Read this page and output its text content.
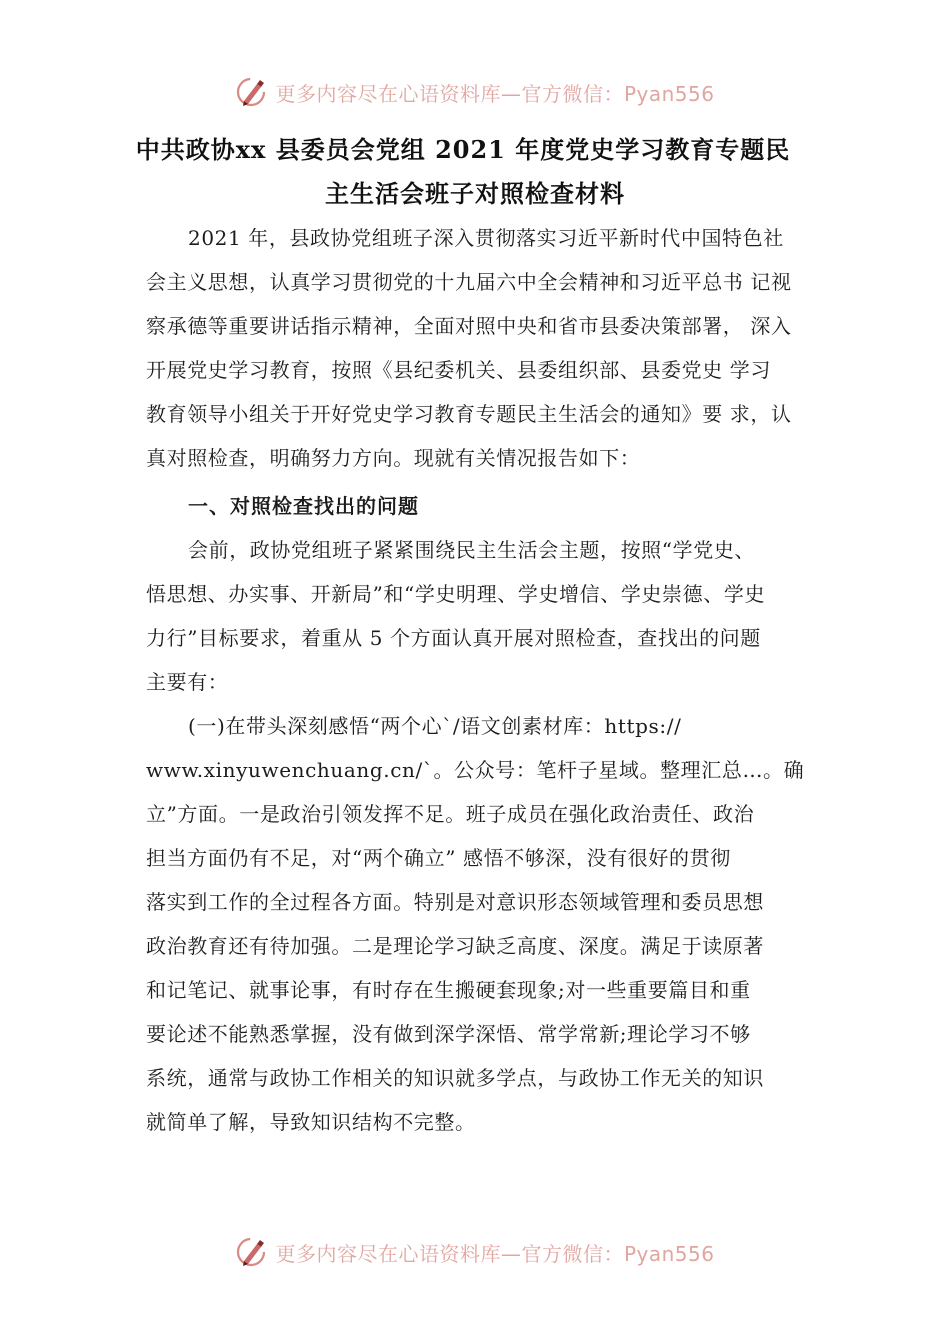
更多内容尽在心语资料库—官方微信：Pyan556
中共政协xx 县委员会党组 2021 年度党史学习教育专题民
主生活会班子对照检查材料
2021 年，县政协党组班子深入贯彻落实习近平新时代中国特色社
会主义思想，认真学习贯彻党的十九届六中全会精神和习近平总书 记视
察承德等重要讲话指示精神，全面对照中央和省市县委决策部署， 深入
开展党史学习教育，按照《县纪委机关、县委组织部、县委党史 学习
教育领导小组关于开好党史学习教育专题民主生活会的通知》要 求，认
真对照检查，明确努力方向。现就有关情况报告如下：
一、对照检查找出的问题
会前，政协党组班子紧紧围绕民主生活会主题，按照“学党史、
悟思想、办实事、开新局”和“学史明理、学史增信、学史崇德、学史
力行”目标要求，着重从 5 个方面认真开展对照检查，查找出的问题
主要有：
(一)在带头深刻感悟“两个心`/语文创素材库：https://
www.xinyuwenchuang.cn/`。公众号：笔杆子星域。整理汇总…。确
立”方面。一是政治引领发挥不足。班子成员在强化政治责任、政治
担当方面仍有不足，对“两个确立” 感悟不够深，没有很好的贯彻
落实到工作的全过程各方面。特别是对意识形态领域管理和委员思想
政治教育还有待加强。二是理论学习缺乏高度、深度。满足于读原著
和记笔记、就事论事，有时存在生搬硬套现象;对一些重要篇目和重
要论述不能熟悉掌握，没有做到深学深悟、常学常新;理论学习不够
系统，通常与政协工作相关的知识就多学点，与政协工作无关的知识
就简单了解，导致知识结构不完整。
更多内容尽在心语资料库—官方微信：Pyan556
